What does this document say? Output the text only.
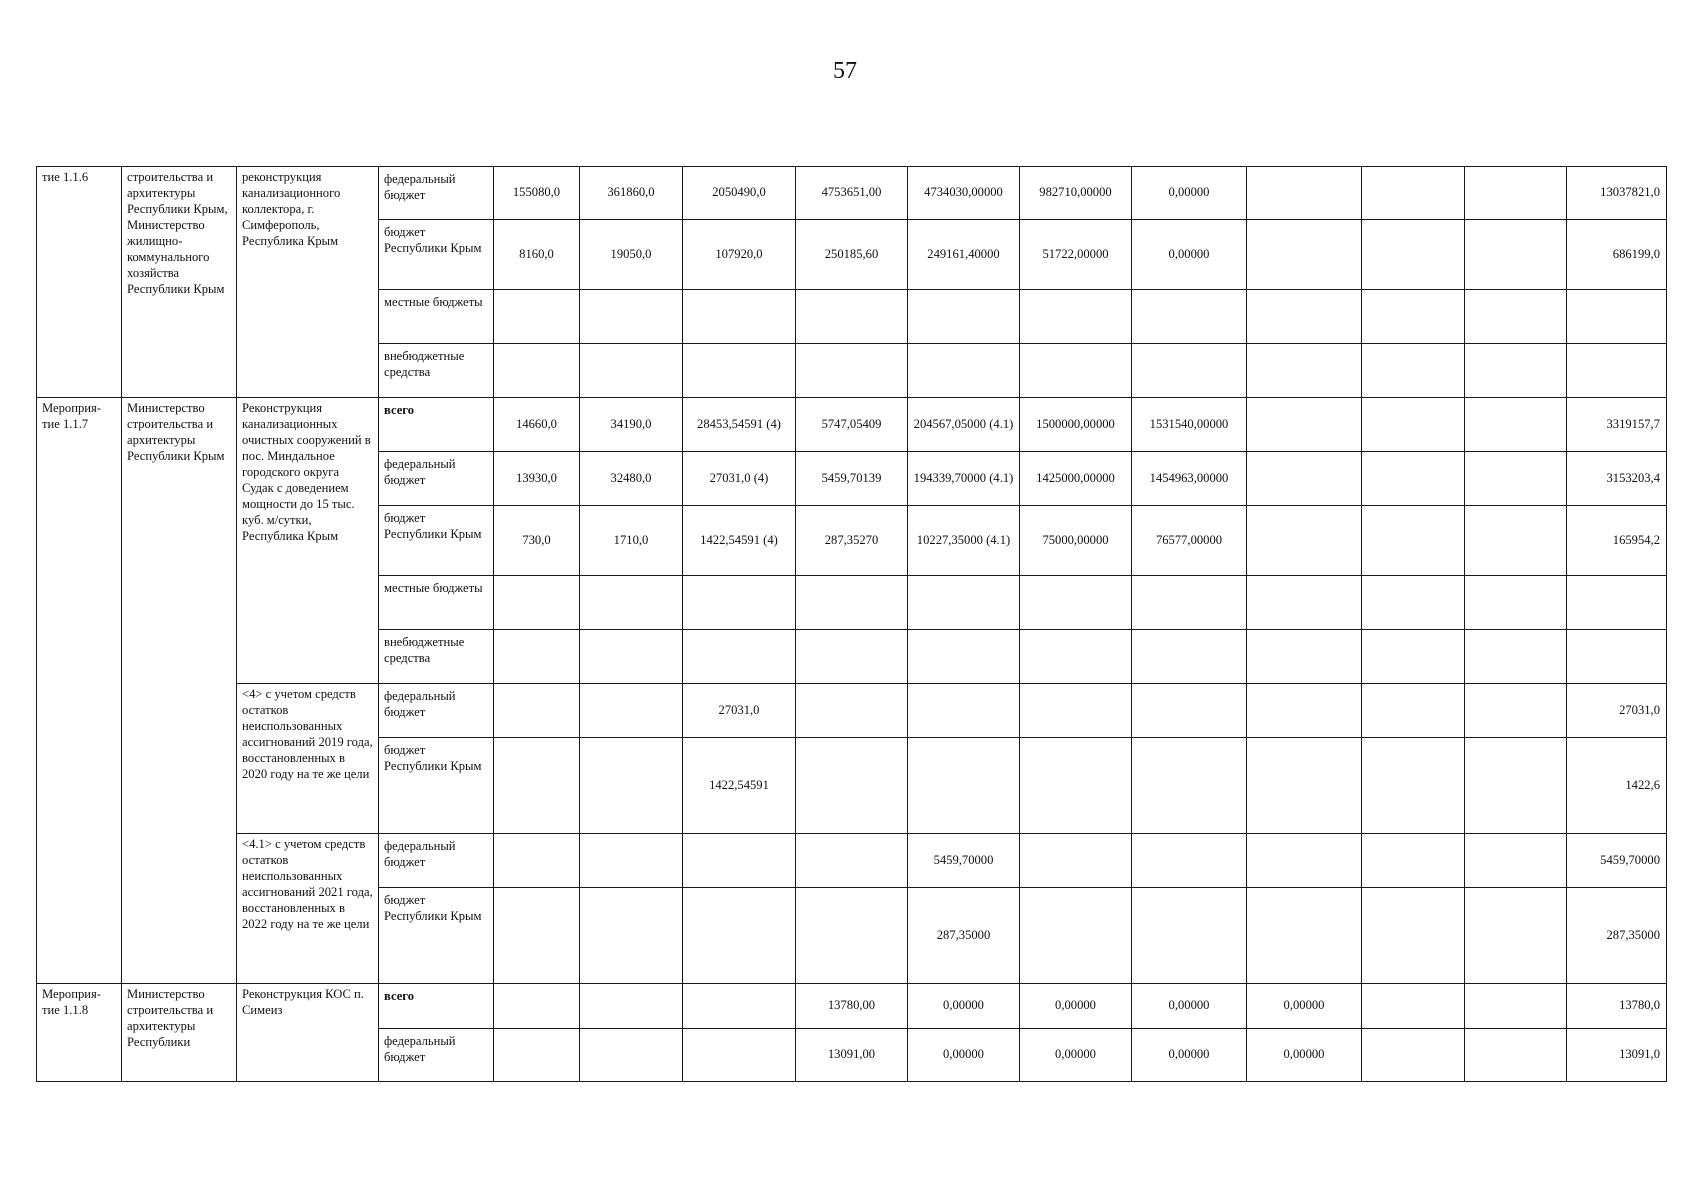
57
тие 1.1.6	строительства и архитектуры Республики Крым, Министерство жилищно-коммунального хозяйства Республики Крым	реконструкция канализационного коллектора, г. Симферополь, Республика Крым	федеральный бюджет	155080,0	361860,0	2050490,0	4753651,00	4734030,00000	982710,00000	0,00000				13037821,0
			бюджет Республики Крым	8160,0	19050,0	107920,0	250185,60	249161,40000	51722,00000	0,00000				686199,0
			местные бюджеты											
			внебюджетные средства											
Мероприя-тие 1.1.7	Министерство строительства и архитектуры Республики Крым	Реконструкция канализационных очистных сооружений в пос. Миндальное городского округа Судак с доведением мощности до 15 тыс. куб. м/сутки, Республика Крым	всего	14660,0	34190,0	28453,54591 (4)	5747,05409	204567,05000 (4.1)	1500000,00000	1531540,00000				3319157,7
			федеральный бюджет	13930,0	32480,0	27031,0 (4)	5459,70139	194339,70000 (4.1)	1425000,00000	1454963,00000				3153203,4
			бюджет Республики Крым	730,0	1710,0	1422,54591 (4)	287,35270	10227,35000 (4.1)	75000,00000	76577,00000				165954,2
			местные бюджеты											
			внебюджетные средства											
		<4> с учетом средств остатков неиспользованных ассигнований 2019 года, восстановленных в 2020 году на те же цели	федеральный бюджет			27031,0								27031,0
			бюджет Республики Крым			1422,54591								1422,6
		<4.1> с учетом средств остатков неиспользованных ассигнований 2021 года, восстановленных в 2022 году на те же цели	федеральный бюджет					5459,70000						5459,70000
			бюджет Республики Крым					287,35000						287,35000
Мероприя-тие 1.1.8	Министерство строительства и архитектуры Республики	Реконструкция КОС п. Симеиз	всего				13780,00	0,00000	0,00000	0,00000	0,00000			13780,0
			федеральный бюджет				13091,00	0,00000	0,00000	0,00000	0,00000			13091,0
